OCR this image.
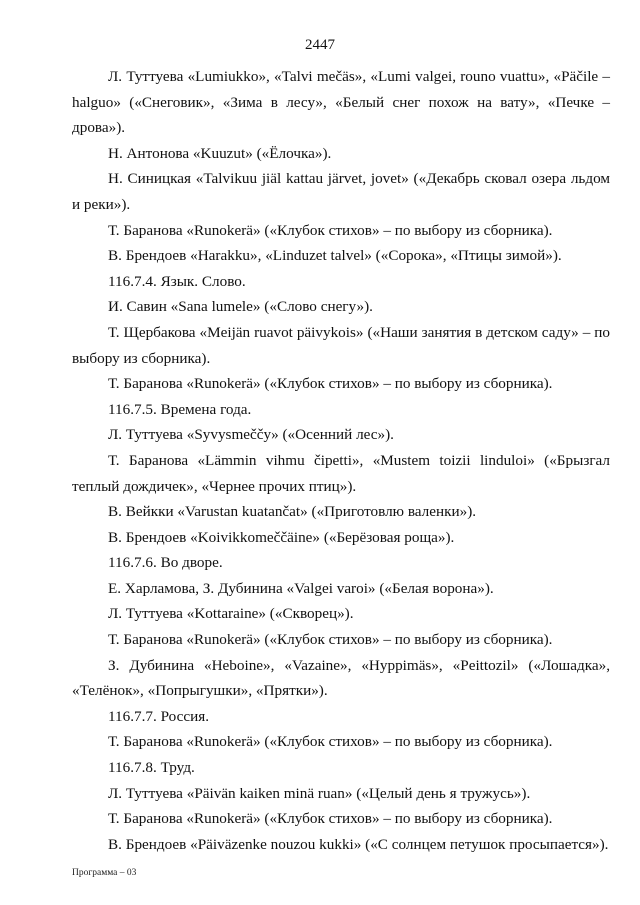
2447

Л. Туттуева «Lumiukko», «Talvi mečäs», «Lumi valgei, rouno vuattu», «Päčile – halguo» («Снеговик», «Зима в лесу», «Белый снег похож на вату», «Печке – дрова»).

Н. Антонова «Kuuzut» («Ёлочка»).

Н. Синицкая «Talvikuu jiäl kattau järvet, jovet» («Декабрь сковал озера льдом и реки»).

Т. Баранова «Runokerä» («Клубок стихов» – по выбору из сборника).

В. Брендоев «Harakku», «Linduzet talvel» («Сорока», «Птицы зимой»).

116.7.4. Язык. Слово.

И. Савин «Sana lumele» («Слово снегу»).

Т. Щербакова «Meijän ruavot päivykois» («Наши занятия в детском саду» – по выбору из сборника).

Т. Баранова «Runokerä» («Клубок стихов» – по выбору из сборника).

116.7.5. Времена года.

Л. Туттуева «Syvysmeččy» («Осенний лес»).

Т. Баранова «Lämmin vihmu čipetti», «Mustem toizii linduloi» («Брызгал теплый дождичек», «Чернее прочих птиц»).

В. Вейкки «Varustan kuatančat» («Приготовлю валенки»).

В. Брендоев «Koivikkomeččäine» («Берёзовая роща»).

116.7.6. Во дворе.

Е. Харламова, З. Дубинина «Valgei varoi» («Белая ворона»).

Л. Туттуева «Kottaraine» («Скворец»).

Т. Баранова «Runokerä» («Клубок стихов» – по выбору из сборника).

З. Дубинина «Heboine», «Vazaine», «Hyppimäs», «Peittozil» («Лошадка», «Телёнок», «Попрыгушки», «Прятки»).

116.7.7. Россия.

Т. Баранова «Runokerä» («Клубок стихов» – по выбору из сборника).

116.7.8. Труд.

Л. Туттуева «Päivän kaiken minä ruan» («Целый день я тружусь»).

Т. Баранова «Runokerä» («Клубок стихов» – по выбору из сборника).

В. Брендоев «Päiväzenke nouzou kukki» («С солнцем петушок просыпается»).

Программа – 03
